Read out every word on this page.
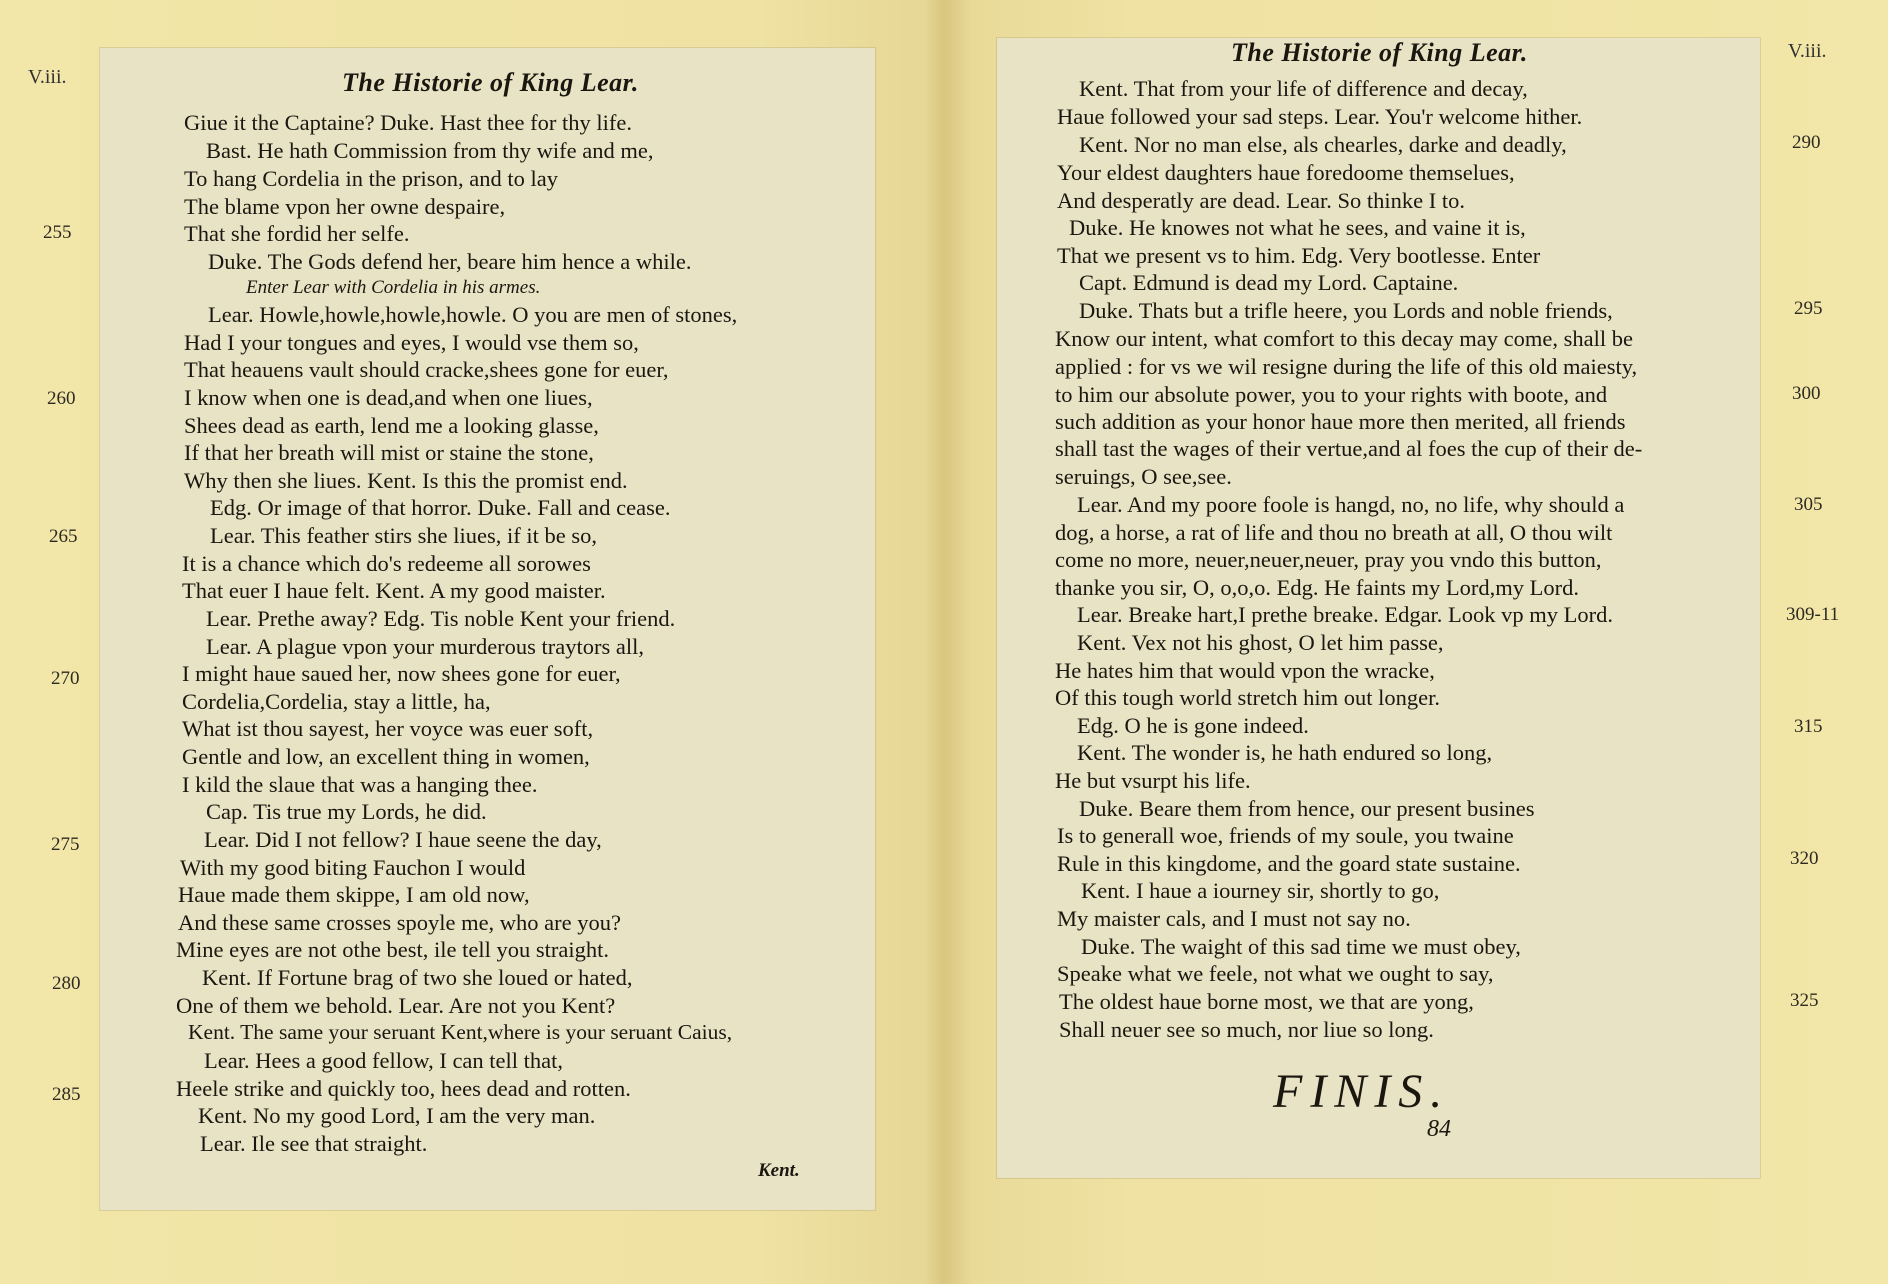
V.iii.
255
260
265
270
275
280
285
The Historie of King Lear.
Giue it the Captaine? Duke. Hast thee for thy life.
Bast. He hath Commission from thy wife and me,
To hang Cordelia in the prison, and to lay
The blame vpon her owne despaire,
That she fordid her selfe.
Duke. The Gods defend her, beare him hence a while.
Enter Lear with Cordelia in his armes.
Lear. Howle,howle,howle,howle. O you are men of stones,
Had I your tongues and eyes, I would vse them so,
That heauens vault should cracke,shees gone for euer,
I know when one is dead,and when one liues,
Shees dead as earth, lend me a looking glasse,
If that her breath will mist or staine the stone,
Why then she liues. Kent. Is this the promist end.
Edg. Or image of that horror. Duke. Fall and cease.
Lear. This feather stirs she liues, if it be so,
It is a chance which do's redeeme all sorowes
That euer I haue felt. Kent. A my good maister.
Lear. Prethe away? Edg. Tis noble Kent your friend.
Lear. A plague vpon your murderous traytors all,
I might haue saued her, now shees gone for euer,
Cordelia,Cordelia, stay a little, ha,
What ist thou sayest, her voyce was euer soft,
Gentle and low, an excellent thing in women,
I kild the slaue that was a hanging thee.
Cap. Tis true my Lords, he did.
Lear. Did I not fellow? I haue seene the day,
With my good biting Fauchon I would
Haue made them skippe, I am old now,
And these same crosses spoyle me, who are you?
Mine eyes are not othe best, ile tell you straight.
Kent. If Fortune brag of two she loued or hated,
One of them we behold. Lear. Are not you Kent?
Kent. The same your seruant Kent,where is your seruant Caius,
Lear. Hees a good fellow, I can tell that,
Heele strike and quickly too, hees dead and rotten.
Kent. No my good Lord, I am the very man.
Lear. Ile see that straight.
Kent.
The Historie of King Lear.
Kent. That from your life of difference and decay,
Haue followed your sad steps. Lear. You'r welcome hither.
Kent. Nor no man else, als chearles, darke and deadly,
Your eldest daughters haue foredoome themselues,
And desperatly are dead. Lear. So thinke I to.
Duke. He knowes not what he sees, and vaine it is,
That we present vs to him. Edg. Very bootlesse. Enter
Capt. Edmund is dead my Lord. Captaine.
Duke. Thats but a trifle heere, you Lords and noble friends,
Know our intent, what comfort to this decay may come, shall be
applied : for vs we wil resigne during the life of this old maiesty,
to him our absolute power, you to your rights with boote, and
such addition as your honor haue more then merited, all friends
shall tast the wages of their vertue,and al foes the cup of their de-
seruings, O see,see.
Lear. And my poore foole is hangd, no, no life, why should a
dog, a horse, a rat of life and thou no breath at all, O thou wilt
come no more, neuer,neuer,neuer, pray you vndo this button,
thanke you sir, O, o,o,o. Edg. He faints my Lord,my Lord.
Lear. Breake hart,I prethe breake. Edgar. Look vp my Lord.
Kent. Vex not his ghost, O let him passe,
He hates him that would vpon the wracke,
Of this tough world stretch him out longer.
Edg. O he is gone indeed.
Kent. The wonder is, he hath endured so long,
He but vsurpt his life.
Duke. Beare them from hence, our present busines
Is to generall woe, friends of my soule, you twaine
Rule in this kingdome, and the goard state sustaine.
Kent. I haue a iourney sir, shortly to go,
My maister cals, and I must not say no.
Duke. The waight of this sad time we must obey,
Speake what we feele, not what we ought to say,
The oldest haue borne most, we that are yong,
Shall neuer see so much, nor liue so long.
FINIS.
84
V.iii.
290
295
300
305
309-11
315
320
325
